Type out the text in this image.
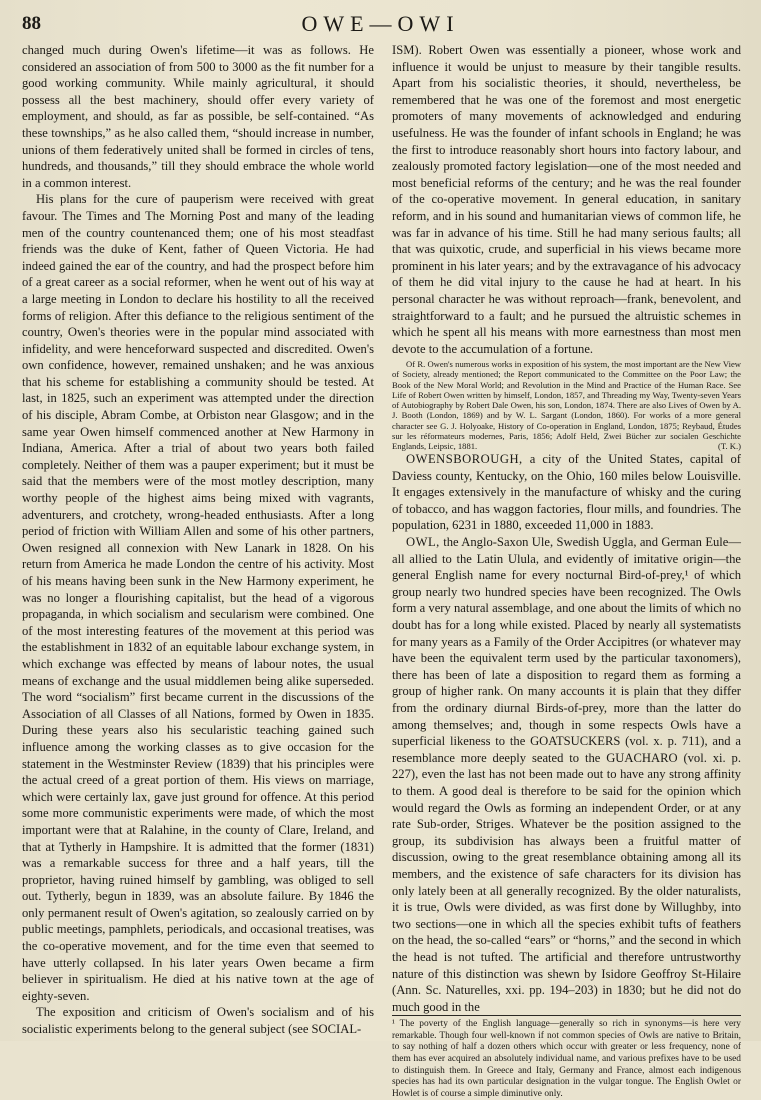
88	OWE—OWI

changed much during Owen's lifetime—it was as follows. He considered an association of from 500 to 3000 as the fit number for a good working community. While mainly agricultural, it should possess all the best machinery, should offer every variety of employment, and should, as far as possible, be self-contained. “As these townships,” as he also called them, “should increase in number, unions of them federatively united shall be formed in circles of tens, hundreds, and thousands,” till they should embrace the whole world in a common interest.

His plans for the cure of pauperism were received with great favour. The Times and The Morning Post and many of the leading men of the country countenanced them; one of his most steadfast friends was the duke of Kent, father of Queen Victoria. He had indeed gained the ear of the country, and had the prospect before him of a great career as a social reformer, when he went out of his way at a large meeting in London to declare his hostility to all the received forms of religion. After this defiance to the religious sentiment of the country, Owen's theories were in the popular mind associated with infidelity, and were henceforward suspected and discredited. Owen's own confidence, however, remained unshaken; and he was anxious that his scheme for establishing a community should be tested. At last, in 1825, such an experiment was attempted under the direction of his disciple, Abram Combe, at Orbiston near Glasgow; and in the same year Owen himself commenced another at New Harmony in Indiana, America. After a trial of about two years both failed completely. Neither of them was a pauper experiment; but it must be said that the members were of the most motley description, many worthy people of the highest aims being mixed with vagrants, adventurers, and crotchety, wrong-headed enthusiasts. After a long period of friction with William Allen and some of his other partners, Owen resigned all connexion with New Lanark in 1828. On his return from America he made London the centre of his activity. Most of his means having been sunk in the New Harmony experiment, he was no longer a flourishing capitalist, but the head of a vigorous propaganda, in which socialism and secularism were combined. One of the most interesting features of the movement at this period was the establishment in 1832 of an equitable labour exchange system, in which exchange was effected by means of labour notes, the usual means of exchange and the usual middlemen being alike superseded. The word “socialism” first became current in the discussions of the Association of all Classes of all Nations, formed by Owen in 1835. During these years also his secularistic teaching gained such influence among the working classes as to give occasion for the statement in the Westminster Review (1839) that his principles were the actual creed of a great portion of them. His views on marriage, which were certainly lax, gave just ground for offence. At this period some more communistic experiments were made, of which the most important were that at Ralahine, in the county of Clare, Ireland, and that at Tytherly in Hampshire. It is admitted that the former (1831) was a remarkable success for three and a half years, till the proprietor, having ruined himself by gambling, was obliged to sell out. Tytherly, begun in 1839, was an absolute failure. By 1846 the only permanent result of Owen's agitation, so zealously carried on by public meetings, pamphlets, periodicals, and occasional treatises, was the co-operative movement, and for the time even that seemed to have utterly collapsed. In his later years Owen became a firm believer in spiritualism. He died at his native town at the age of eighty-seven.

The exposition and criticism of Owen's socialism and of his socialistic experiments belong to the general subject (see SOCIAL-

ISM). Robert Owen was essentially a pioneer, whose work and influence it would be unjust to measure by their tangible results. Apart from his socialistic theories, it should, nevertheless, be remembered that he was one of the foremost and most energetic promoters of many movements of acknowledged and enduring usefulness. He was the founder of infant schools in England; he was the first to introduce reasonably short hours into factory labour, and zealously promoted factory legislation—one of the most needed and most beneficial reforms of the century; and he was the real founder of the co-operative movement. In general education, in sanitary reform, and in his sound and humanitarian views of common life, he was far in advance of his time. Still he had many serious faults; all that was quixotic, crude, and superficial in his views became more prominent in his later years; and by the extravagance of his advocacy of them he did vital injury to the cause he had at heart. In his personal character he was without reproach—frank, benevolent, and straightforward to a fault; and he pursued the altruistic schemes in which he spent all his means with more earnestness than most men devote to the accumulation of a fortune.

Of R. Owen's numerous works in exposition of his system, the most important are the New View of Society, already mentioned; the Report communicated to the Committee on the Poor Law; the Book of the New Moral World; and Revolution in the Mind and Practice of the Human Race. See Life of Robert Owen written by himself, London, 1857, and Threading my Way, Twenty-seven Years of Autobiography by Robert Dale Owen, his son, London, 1874. There are also Lives of Owen by A. J. Booth (London, 1869) and by W. L. Sargant (London, 1860). For works of a more general character see G. J. Holyoake, History of Co-operation in England, London, 1875; Reybaud, Études sur les réformateurs modernes, Paris, 1856; Adolf Held, Zwei Bücher zur socialen Geschichte Englands, Leipsic, 1881.	(T. K.)

OWENSBOROUGH, a city of the United States, capital of Daviess county, Kentucky, on the Ohio, 160 miles below Louisville. It engages extensively in the manufacture of whisky and the curing of tobacco, and has waggon factories, flour mills, and foundries. The population, 6231 in 1880, exceeded 11,000 in 1883.

OWL, the Anglo-Saxon Ule, Swedish Uggla, and German Eule—all allied to the Latin Ulula, and evidently of imitative origin—the general English name for every nocturnal Bird-of-prey,¹ of which group nearly two hundred species have been recognized. The Owls form a very natural assemblage, and one about the limits of which no doubt has for a long while existed. Placed by nearly all systematists for many years as a Family of the Order Accipitres (or whatever may have been the equivalent term used by the particular taxonomers), there has been of late a disposition to regard them as forming a group of higher rank. On many accounts it is plain that they differ from the ordinary diurnal Birds-of-prey, more than the latter do among themselves; and, though in some respects Owls have a superficial likeness to the GOATSUCKERS (vol. x. p. 711), and a resemblance more deeply seated to the GUACHARO (vol. xi. p. 227), even the last has not been made out to have any strong affinity to them. A good deal is therefore to be said for the opinion which would regard the Owls as forming an independent Order, or at any rate Sub-order, Striges. Whatever be the position assigned to the group, its subdivision has always been a fruitful matter of discussion, owing to the great resemblance obtaining among all its members, and the existence of safe characters for its division has only lately been at all generally recognized. By the older naturalists, it is true, Owls were divided, as was first done by Willughby, into two sections—one in which all the species exhibit tufts of feathers on the head, the so-called “ears” or “horns,” and the second in which the head is not tufted. The artificial and therefore untrustworthy nature of this distinction was shewn by Isidore Geoffroy St-Hilaire (Ann. Sc. Naturelles, xxi. pp. 194–203) in 1830; but he did not do much good in the

¹ The poverty of the English language—generally so rich in synonyms—is here very remarkable. Though four well-known if not common species of Owls are native to Britain, to say nothing of half a dozen others which occur with greater or less frequency, none of them has ever acquired an absolutely individual name, and various prefixes have to be used to distinguish them. In Greece and Italy, Germany and France, almost each indigenous species has had its own particular designation in the vulgar tongue. The English Owlet or Howlet is of course a simple diminutive only.
